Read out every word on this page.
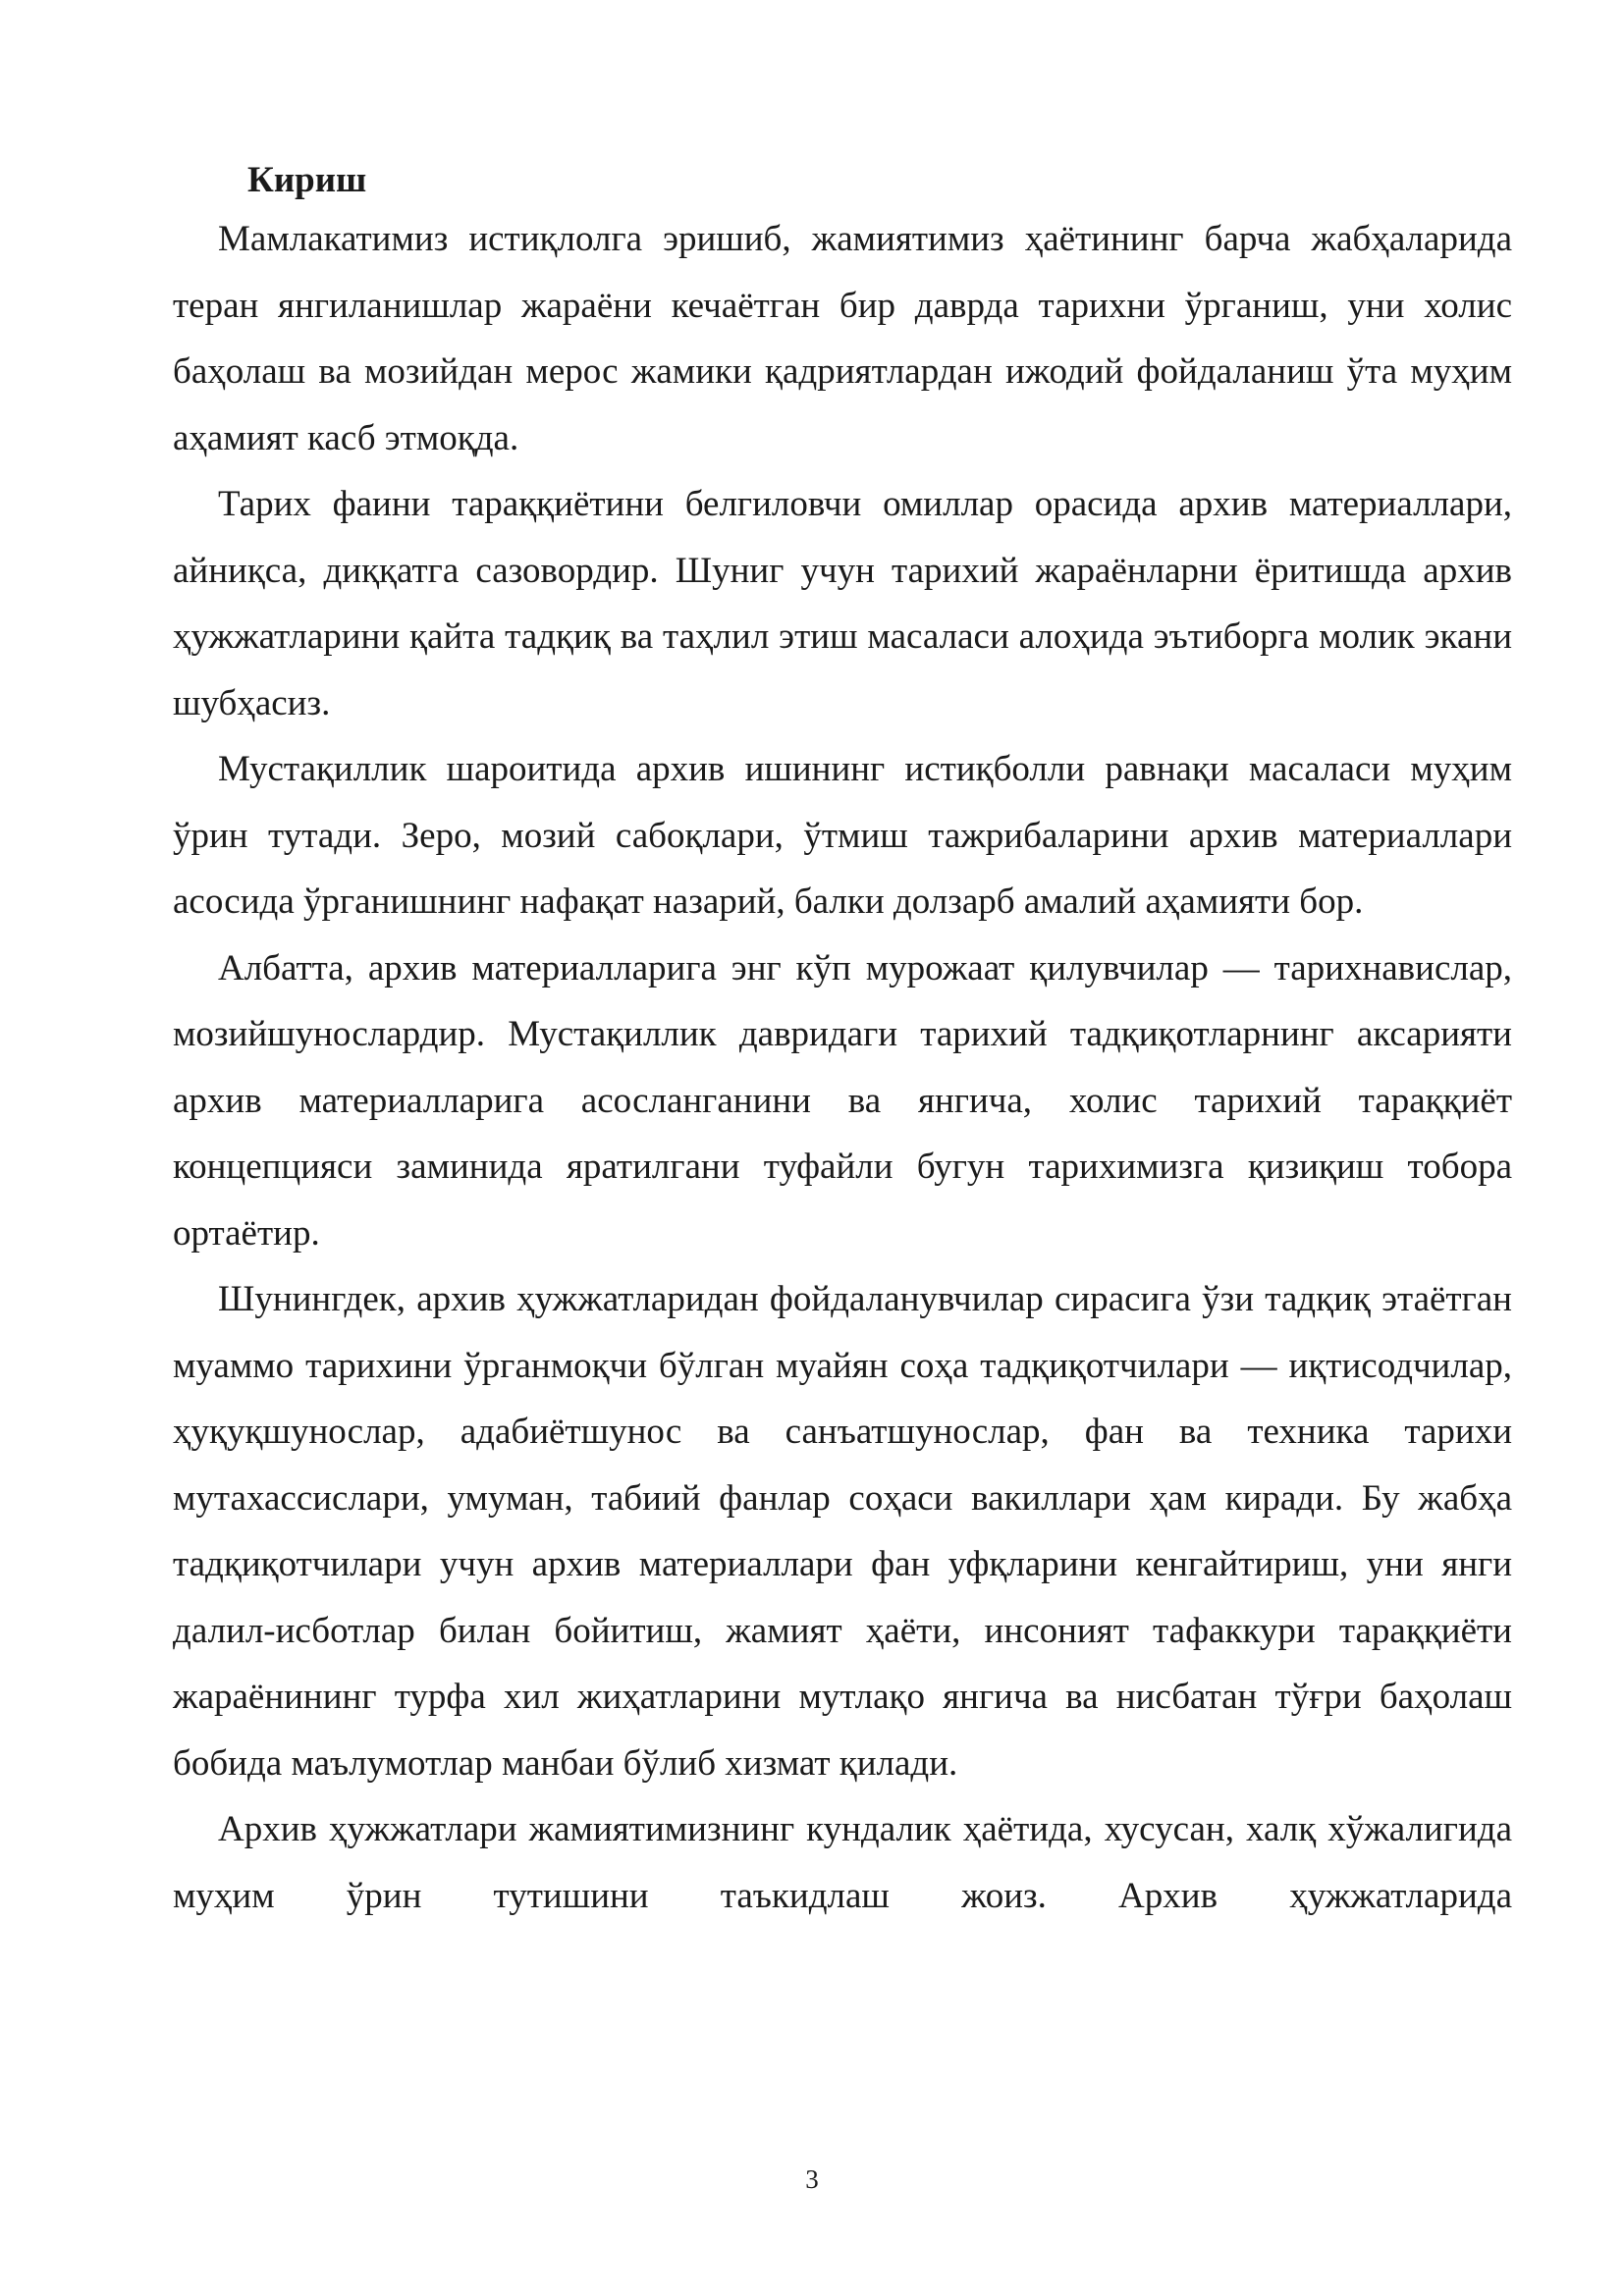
Кириш

Мамлакатимиз истиқлолга эришиб, жамиятимиз ҳаётининг барча жабҳаларида теран янгиланишлар жараёни кечаётган бир даврда тарихни ўрганиш, уни холис баҳолаш ва мозийдан мерос жамики қадриятлардан ижодий фойдаланиш ўта муҳим аҳамият касб этмоқда.

Тарих фаини тараққиётини белгиловчи омиллар орасида архив материаллари, айниқса, диққатга сазовордир. Шуниг учун тарихий жараёнларни ёритишда архив ҳужжатларини қайта тадқиқ ва таҳлил этиш масаласи алоҳида эътиборга молик экани шубҳасиз.

Мустақиллик шароитида архив ишининг истиқболли равнақи масаласи муҳим ўрин тутади. Зеро, мозий сабоқлари, ўтмиш тажрибаларини архив материаллари асосида ўрганишнинг нафақат назарий, балки долзарб амалий аҳамияти бор.

Албатта, архив материалларига энг кўп мурожаат қилувчилар — тарихнавислар, мозийшунослардир. Мустақиллик давридаги тарихий тадқиқотларнинг аксарияти архив материалларига асосланганини ва янгича, холис тарихий тараққиёт концепцияси заминида яратилгани туфайли бугун тарихимизга қизиқиш тобора ортаётир.

Шунингдек, архив ҳужжатларидан фойдаланувчилар сирасига ўзи тадқиқ этаётган муаммо тарихини ўрганмоқчи бўлган муайян соҳа тадқиқотчилари — иқтисодчилар, ҳуқуқшунослар, адабиётшунос ва санъатшунослар, фан ва техника тарихи мутахассислари, умуман, табиий фанлар соҳаси вакиллари ҳам киради. Бу жабҳа тадқиқотчилари учун архив материаллари фан уфқларини кенгайтириш, уни янги далил-исботлар билан бойитиш, жамият ҳаёти, инсоният тафаккури тараққиёти жараёнининг турфа хил жиҳатларини мутлақо янгича ва нисбатан тўғри баҳолаш бобида маълумотлар манбаи бўлиб хизмат қилади.

Архив ҳужжатлари жамиятимизнинг кундалик ҳаётида, хусусан, халқ хўжалигида муҳим ўрин тутишини таъкидлаш жоиз. Архив ҳужжатларида

3
